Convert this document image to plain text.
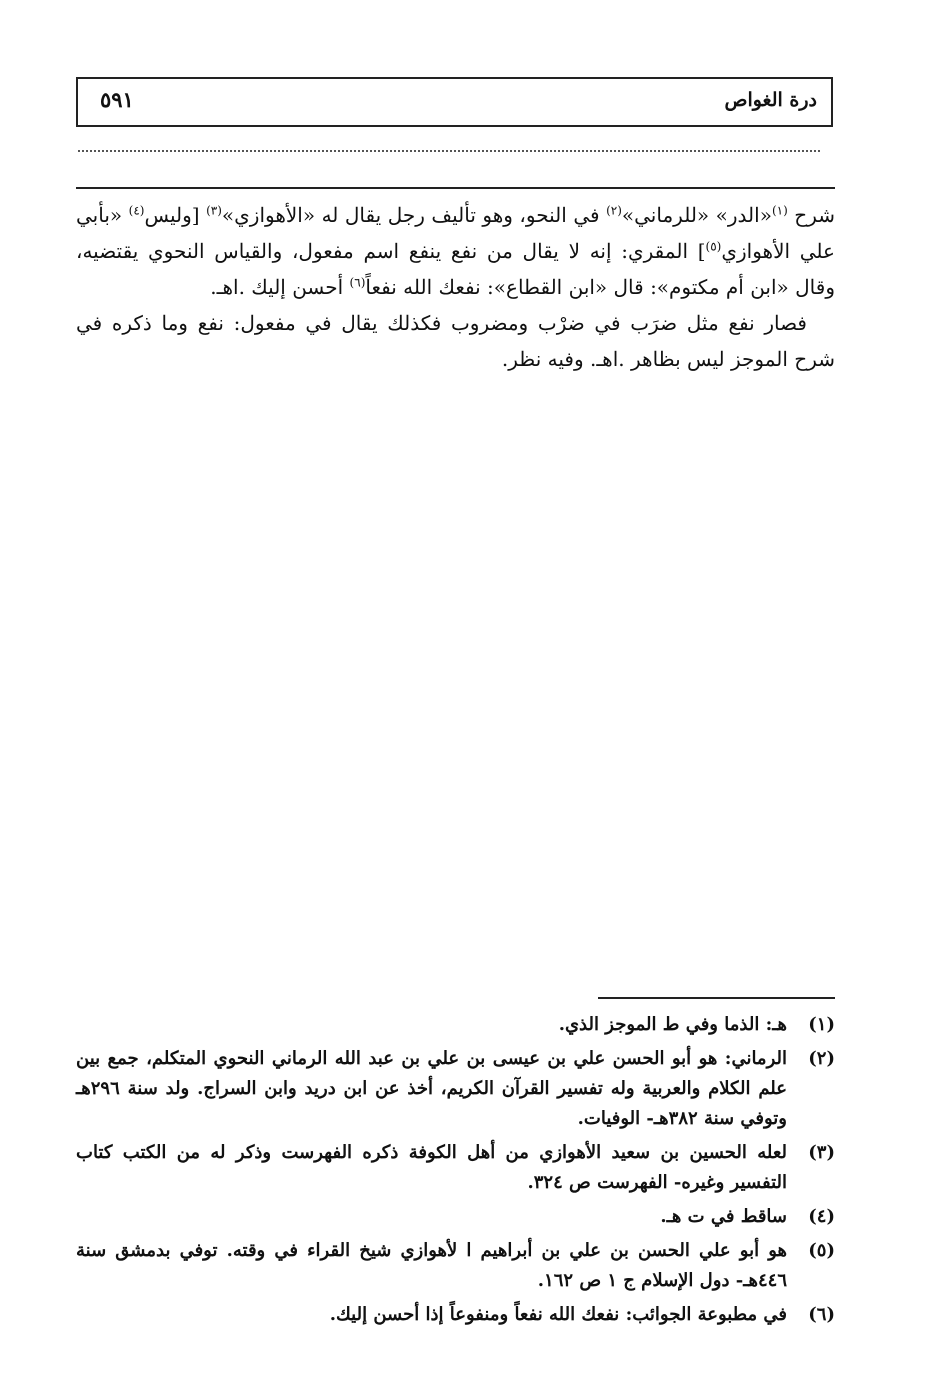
درة الغواص
٥٩١

شرح $^{(١)}$«الدر» «للرماني»$^{(٢)}$ في النحو، وهو تأليف رجل يقال له «الأهوازي»$^{(٣)}$ [وليس$^{(٤)}$ «بأبي علي الأهوازي$^{(٥)}$] المقري: إنه لا يقال من نفع ينفع اسم مفعول، والقياس النحوي يقتضيه، وقال «ابن أم مكتوم»: قال «ابن القطاع»: نفعك الله نفعاً$^{(٦)}$ أحسن إليك .اهـ.

فصار نفع مثل ضرَب في ضرْب ومضروب فكذلك يقال في مفعول: نفع وما ذكره في شرح الموجز ليس بظاهر .اهـ. وفيه نظر.

(١)
هـ: الذما وفي ط الموجز الذي.
(٢)
الرماني: هو أبو الحسن علي بن عيسى بن علي بن عبد الله الرماني النحوي المتكلم، جمع بين علم الكلام والعربية وله تفسير القرآن الكريم، أخذ عن ابن دريد وابن السراج. ولد سنة ٢٩٦هـ وتوفي سنة ٣٨٢هـ- الوفيات.
(٣)
لعله الحسين بن سعيد الأهوازي من أهل الكوفة ذكره الفهرست وذكر له من الكتب كتاب التفسير وغيره- الفهرست ص ٣٢٤.
(٤)
ساقط في ت هـ.
(٥)
هو أبو علي الحسن بن علي بن أبراهيم ا لأهوازي شيخ القراء في وقته. توفي بدمشق سنة ٤٤٦هـ- دول الإسلام ج ١ ص ١٦٢.
(٦)
في مطبوعة الجوائب: نفعك الله نفعاً ومنفوعاً إذا أحسن إليك.
